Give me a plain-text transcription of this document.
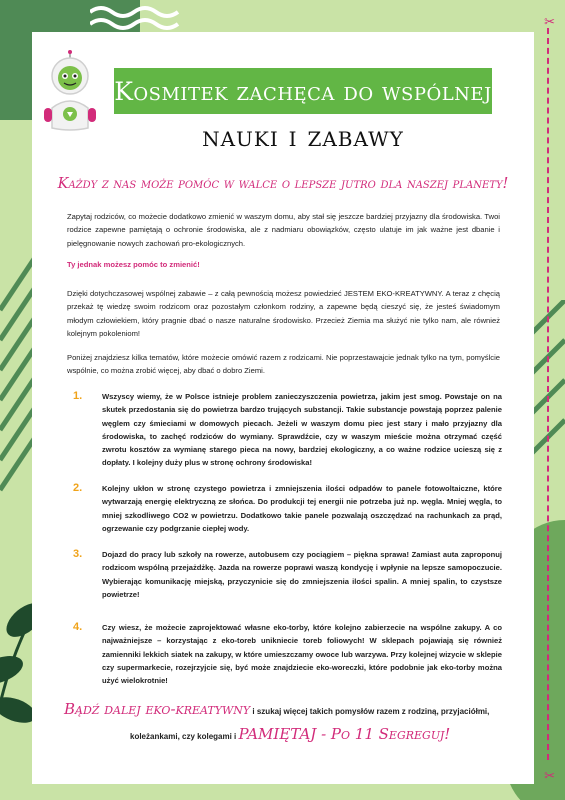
✂
✂
Kosmitek zachęca do wspólnej
nauki i zabawy
Każdy z nas może pomóc w walce o lepsze jutro dla naszej planety!

Zapytaj rodziców, co możecie dodatkowo zmienić w waszym domu, aby stał się jeszcze bardziej przyjazny dla środowiska. Twoi rodzice zapewne pamiętają o ochronie środowiska, ale z nadmiaru obowiązków, często ulatuje im jak ważne jest dbanie i pielęgnowanie nowych zachowań pro-ekologicznych.

Ty jednak możesz pomóc to zmienić!

Dzięki dotychczasowej wspólnej zabawie – z całą pewnością możesz powiedzieć JESTEM EKO-KREATYWNY. A teraz z chęcią przekaż tę wiedzę swoim rodzicom oraz pozostałym członkom rodziny, a zapewne będą cieszyć się, że jesteś świadomym młodym człowiekiem, który pragnie dbać o nasze naturalne środowisko. Przecież Ziemia ma służyć nie tylko nam, ale również kolejnym pokoleniom!

Poniżej znajdziesz kilka tematów, które możecie omówić razem z rodzicami. Nie poprzestawajcie jednak tylko na tym, pomyślcie wspólnie, co można zrobić więcej, aby dbać o dobro Ziemi.

1.	Wszyscy wiemy, że w Polsce istnieje problem zanieczyszczenia powietrza, jakim jest smog. Powstaje on na skutek przedostania się do powietrza bardzo trujących substancji. Takie substancje powstają poprzez palenie węglem czy śmieciami w domowych piecach. Jeżeli w waszym domu piec jest stary i mało przyjazny dla środowiska, to zachęć rodziców do wymiany. Sprawdźcie, czy w waszym mieście można otrzymać część zwrotu kosztów za wymianę starego pieca na nowy, bardziej ekologiczny, a co ważne rodzice ucieszą się z dopłaty. I kolejny duży plus w stronę ochrony środowiska!

2.	Kolejny ukłon w stronę czystego powietrza i zmniejszenia ilości odpadów to panele fotowoltaiczne, które wytwarzają energię elektryczną ze słońca. Do produkcji tej energii nie potrzeba już np. węgla. Mniej węgla, to mniej szkodliwego CO2 w powietrzu. Dodatkowo takie panele pozwalają oszczędzać na rachunkach za prąd, ogrzewanie czy podgrzanie ciepłej wody.

3.	Dojazd do pracy lub szkoły na rowerze, autobusem czy pociągiem – piękna sprawa! Zamiast auta zaproponuj rodzicom wspólną przejażdżkę. Jazda na rowerze poprawi waszą kondycję i wpłynie na lepsze samopoczucie. Wybierając komunikację miejską, przyczynicie się do zmniejszenia ilości spalin. A mniej spalin, to czystsze powietrze!

4.	Czy wiesz, że możecie zaprojektować własne eko-torby, które kolejno zabierzecie na wspólne zakupy. A co najważniejsze – korzystając z eko-toreb unikniecie toreb foliowych! W sklepach pojawiają się również zamienniki lekkich siatek na zakupy, w które umieszczamy owoce lub warzywa. Przy kolejnej wizycie w sklepie czy supermarkecie, rozejrzyjcie się, być może znajdziecie eko-woreczki, które podobnie jak eko-torby można użyć wielokrotnie!

Bądź dalej eko-kreatywny i szukaj więcej takich pomysłów razem z rodziną, przyjaciółmi,
koleżankami, czy kolegami i PAMIĘTAJ - Po 11 Segreguj!
